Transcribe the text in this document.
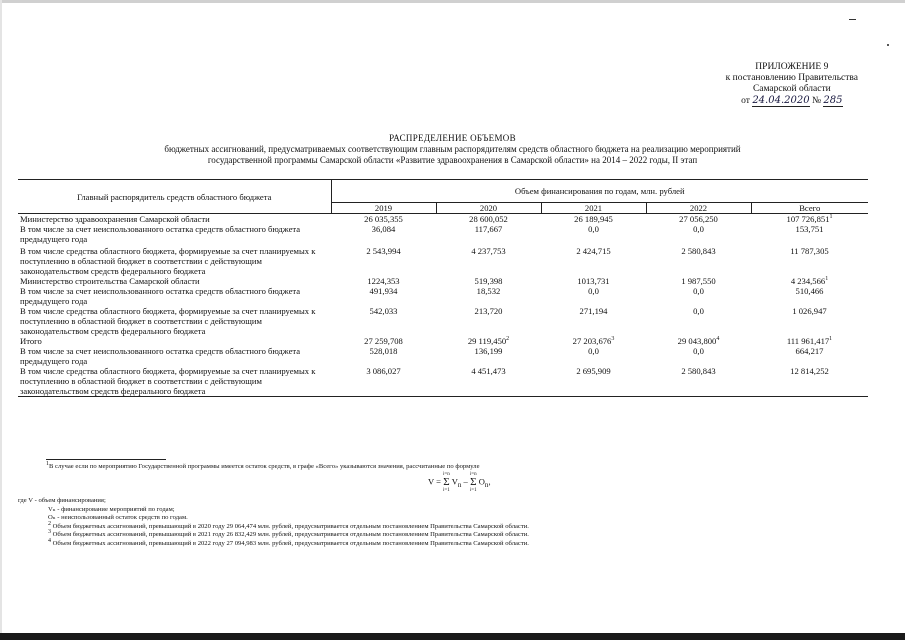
ПРИЛОЖЕНИЕ 9
к постановлению Правительства
Самарской области
от 24.04.2020 № 285
РАСПРЕДЕЛЕНИЕ ОБЪЕМОВ
бюджетных ассигнований, предусматриваемых соответствующим главным распорядителям средств областного бюджета на реализацию мероприятий
государственной программы Самарской области «Развитие здравоохранения в Самарской области» на 2014 – 2022 годы, II этап
Главный распорядитель средств областного бюджета	Объем финансирования по годам, млн. рублей				
	2019	2020	2021	2022	Всего
Министерство здравоохранения Самарской области	26 035,355	28 600,052	26 189,945	27 056,250	107 726,851$^1$
В том числе за счет неиспользованного остатка средств областного бюджета предыдущего года	36,084	117,667	0,0	0,0	153,751
В том числе средства областного бюджета, формируемые за счет планируемых к поступлению в областной бюджет в соответствии с действующим законодательством средств федерального бюджета	2 543,994	4 237,753	2 424,715	2 580,843	11 787,305
Министерство строительства Самарской области	1224,353	519,398	1013,731	1 987,550	4 234,566$^1$
В том числе за счет неиспользованного остатка средств областного бюджета предыдущего года	491,934	18,532	0,0	0,0	510,466
В том числе средства областного бюджета, формируемые за счет планируемых к поступлению в областной бюджет в соответствии с действующим законодательством средств федерального бюджета	542,033	213,720	271,194	0,0	1 026,947
Итого	27 259,708	29 119,450$^2$	27 203,676$^3$	29 043,800$^4$	111 961,417$^1$
В том числе за счет неиспользованного остатка средств областного бюджета предыдущего года	528,018	136,199	0,0	0,0	664,217
В том числе средства областного бюджета, формируемые за счет планируемых к поступлению в областной бюджет в соответствии с действующим законодательством средств федерального бюджета	3 086,027	4 451,473	2 695,909	2 580,843	12 814,252
$^1$В случае если по мероприятию Государственной программы имеется остаток средств, в графе «Всего» указываются значения, рассчитанные по формуле
V =
i=n
Σ
i=1
$V_n$ –
i=n
Σ
i=1
$O_n$,
где V - объем финансирования;
Vₙ - финансирование мероприятий по годам;
Oₙ - неиспользованный остаток средств по годам.
$^2$ Объем бюджетных ассигнований, превышающий в 2020 году 29 064,474 млн. рублей, предусматривается отдельным постановлением Правительства Самарской области.
$^3$ Объем бюджетных ассигнований, превышающий в 2021 году 26 832,429 млн. рублей, предусматривается отдельным постановлением Правительства Самарской области.
$^4$ Объем бюджетных ассигнований, превышающий в 2022 году 27 094,983 млн. рублей, предусматривается отдельным постановлением Правительства Самарской области.
